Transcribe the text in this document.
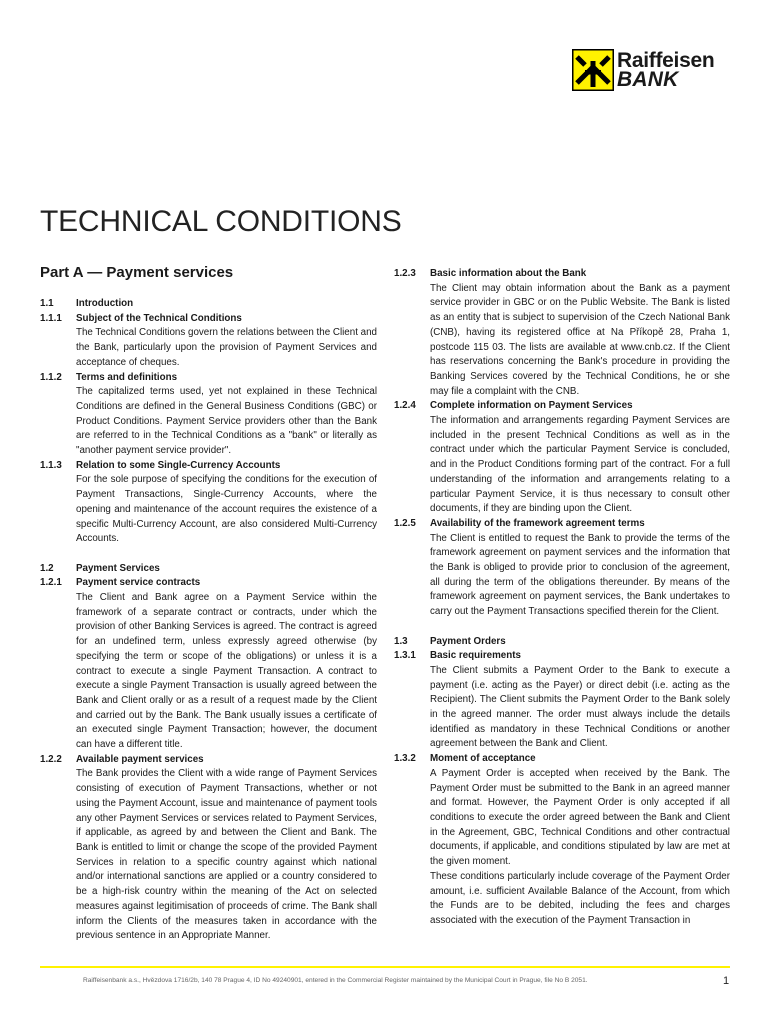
Raiffeisen
BANK
TECHNICAL CONDITIONS
Part A — Payment services
1.1	Introduction
1.1.1	Subject of the Technical Conditions

The Technical Conditions govern the relations between the Client and the Bank, particularly upon the provision of Payment Services and acceptance of cheques.

1.1.2	Terms and definitions

The capitalized terms used, yet not explained in these Technical Conditions are defined in the General Business Conditions (GBC) or Product Conditions. Payment Service providers other than the Bank are referred to in the Technical Conditions as a "bank" or literally as "another payment service provider".

1.1.3	Relation to some Single-Currency Accounts

For the sole purpose of specifying the conditions for the execution of Payment Transactions, Single-Currency Accounts, where the opening and maintenance of the account requires the existence of a specific Multi-Currency Account, are also considered Multi-Currency Accounts.

1.2	Payment Services
1.2.1	Payment service contracts

The Client and Bank agree on a Payment Service within the framework of a separate contract or contracts, under which the provision of other Banking Services is agreed. The contract is agreed for an undefined term, unless expressly agreed otherwise (by specifying the term or scope of the obligations) or unless it is a contract to execute a single Payment Transaction. A contract to execute a single Payment Transaction is usually agreed between the Bank and Client orally or as a result of a request made by the Client and carried out by the Bank. The Bank usually issues a certificate of an executed single Payment Transaction; however, the document can have a different title.

1.2.2	Available payment services

The Bank provides the Client with a wide range of Payment Services consisting of execution of Payment Transactions, whether or not using the Payment Account, issue and maintenance of payment tools any other Payment Services or services related to Payment Services, if applicable, as agreed by and between the Client and Bank. The Bank is entitled to limit or change the scope of the provided Payment Services in relation to a specific country against which national and/or international sanctions are applied or a country considered to be a high-risk country within the meaning of the Act on selected measures against legitimisation of proceeds of crime. The Bank shall inform the Clients of the measures taken in accordance with the previous sentence in an Appropriate Manner.

1.2.3	Basic information about the Bank

The Client may obtain information about the Bank as a payment service provider in GBC or on the Public Website. The Bank is listed as an entity that is subject to supervision of the Czech National Bank (CNB), having its registered office at Na Příkopě 28, Praha 1, postcode 115 03. The lists are available at www.cnb.cz. If the Client has reservations concerning the Bank's procedure in providing the Banking Services covered by the Technical Conditions, he or she may file a complaint with the CNB.

1.2.4	Complete information on Payment Services

The information and arrangements regarding Payment Services are included in the present Technical Conditions as well as in the contract under which the particular Payment Service is concluded, and in the Product Conditions forming part of the contract. For a full understanding of the information and arrangements relating to a particular Payment Service, it is thus necessary to consult other documents, if they are binding upon the Client.

1.2.5	Availability of the framework agreement terms

The Client is entitled to request the Bank to provide the terms of the framework agreement on payment services and the information that the Bank is obliged to provide prior to conclusion of the agreement, all during the term of the obligations thereunder. By means of the framework agreement on payment services, the Bank undertakes to carry out the Payment Transactions specified therein for the Client.

1.3	Payment Orders
1.3.1	Basic requirements

The Client submits a Payment Order to the Bank to execute a payment (i.e. acting as the Payer) or direct debit (i.e. acting as the Recipient). The Client submits the Payment Order to the Bank solely in the agreed manner. The order must always include the details identified as mandatory in these Technical Conditions or another agreement between the Bank and Client.

1.3.2	Moment of acceptance

A Payment Order is accepted when received by the Bank. The Payment Order must be submitted to the Bank in an agreed manner and format. However, the Payment Order is only accepted if all conditions to execute the order agreed between the Bank and Client in the Agreement, GBC, Technical Conditions and other contractual documents, if applicable, and conditions stipulated by law are met at the given moment.

These conditions particularly include coverage of the Payment Order amount, i.e. sufficient Available Balance of the Account, from which the Funds are to be debited, including the fees and charges associated with the execution of the Payment Transaction in

Raiffeisenbank a.s., Hvězdova 1716/2b, 140 78 Prague 4, ID No 49240901, entered in the Commercial Register maintained by the Municipal Court in Prague, file No B 2051.	1
